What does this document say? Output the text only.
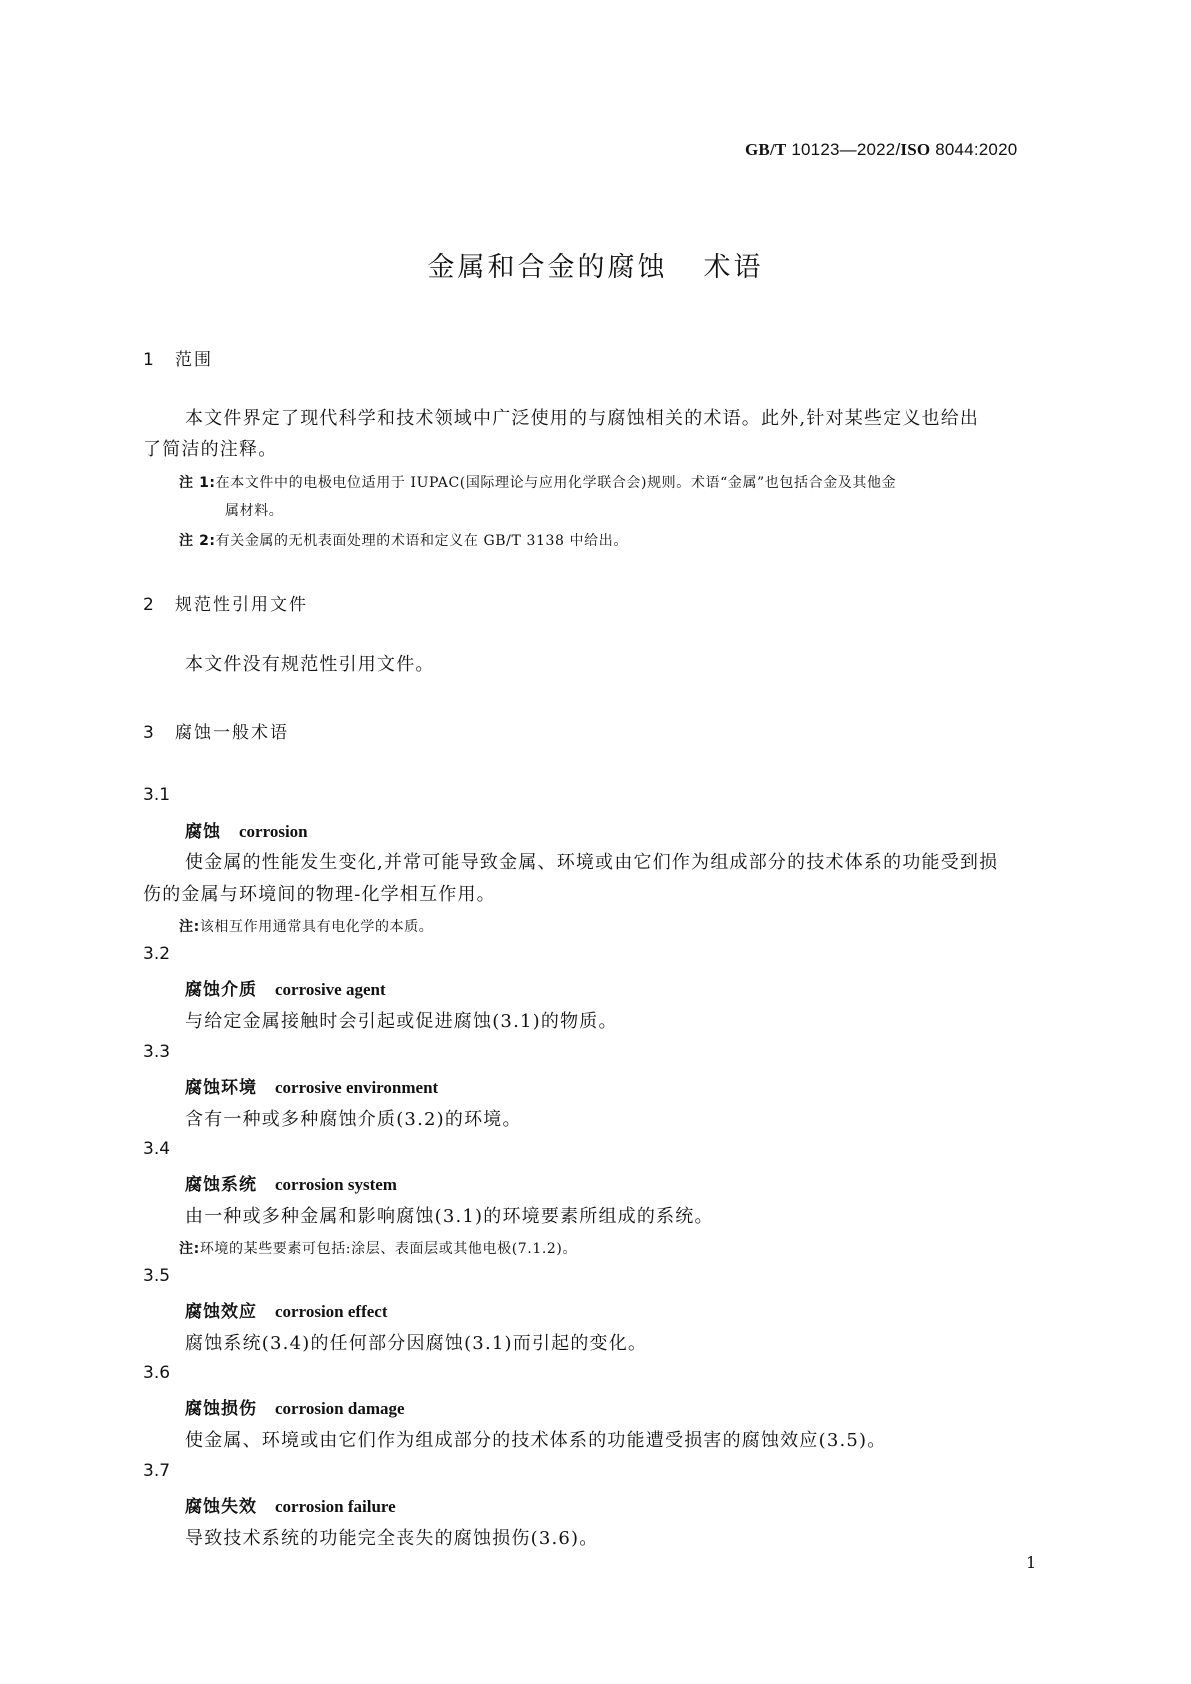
GB/T 10123—2022/ISO 8044:2020
金属和合金的腐蚀 术语
1 范围
本文件界定了现代科学和技术领域中广泛使用的与腐蚀相关的术语。此外,针对某些定义也给出
了简洁的注释。
注 1:在本文件中的电极电位适用于 IUPAC(国际理论与应用化学联合会)规则。术语“金属”也包括合金及其他金
属材料。
注 2:有关金属的无机表面处理的术语和定义在 GB/T 3138 中给出。
2 规范性引用文件
本文件没有规范性引用文件。
3 腐蚀一般术语
3.1
腐蚀 corrosion
使金属的性能发生变化,并常可能导致金属、环境或由它们作为组成部分的技术体系的功能受到损
伤的金属与环境间的物理-化学相互作用。
注:该相互作用通常具有电化学的本质。
3.2
腐蚀介质 corrosive agent
与给定金属接触时会引起或促进腐蚀(3.1)的物质。
3.3
腐蚀环境 corrosive environment
含有一种或多种腐蚀介质(3.2)的环境。
3.4
腐蚀系统 corrosion system
由一种或多种金属和影响腐蚀(3.1)的环境要素所组成的系统。
注:环境的某些要素可包括:涂层、表面层或其他电极(7.1.2)。
3.5
腐蚀效应 corrosion effect
腐蚀系统(3.4)的任何部分因腐蚀(3.1)而引起的变化。
3.6
腐蚀损伤 corrosion damage
使金属、环境或由它们作为组成部分的技术体系的功能遭受损害的腐蚀效应(3.5)。
3.7
腐蚀失效 corrosion failure
导致技术系统的功能完全丧失的腐蚀损伤(3.6)。
1
